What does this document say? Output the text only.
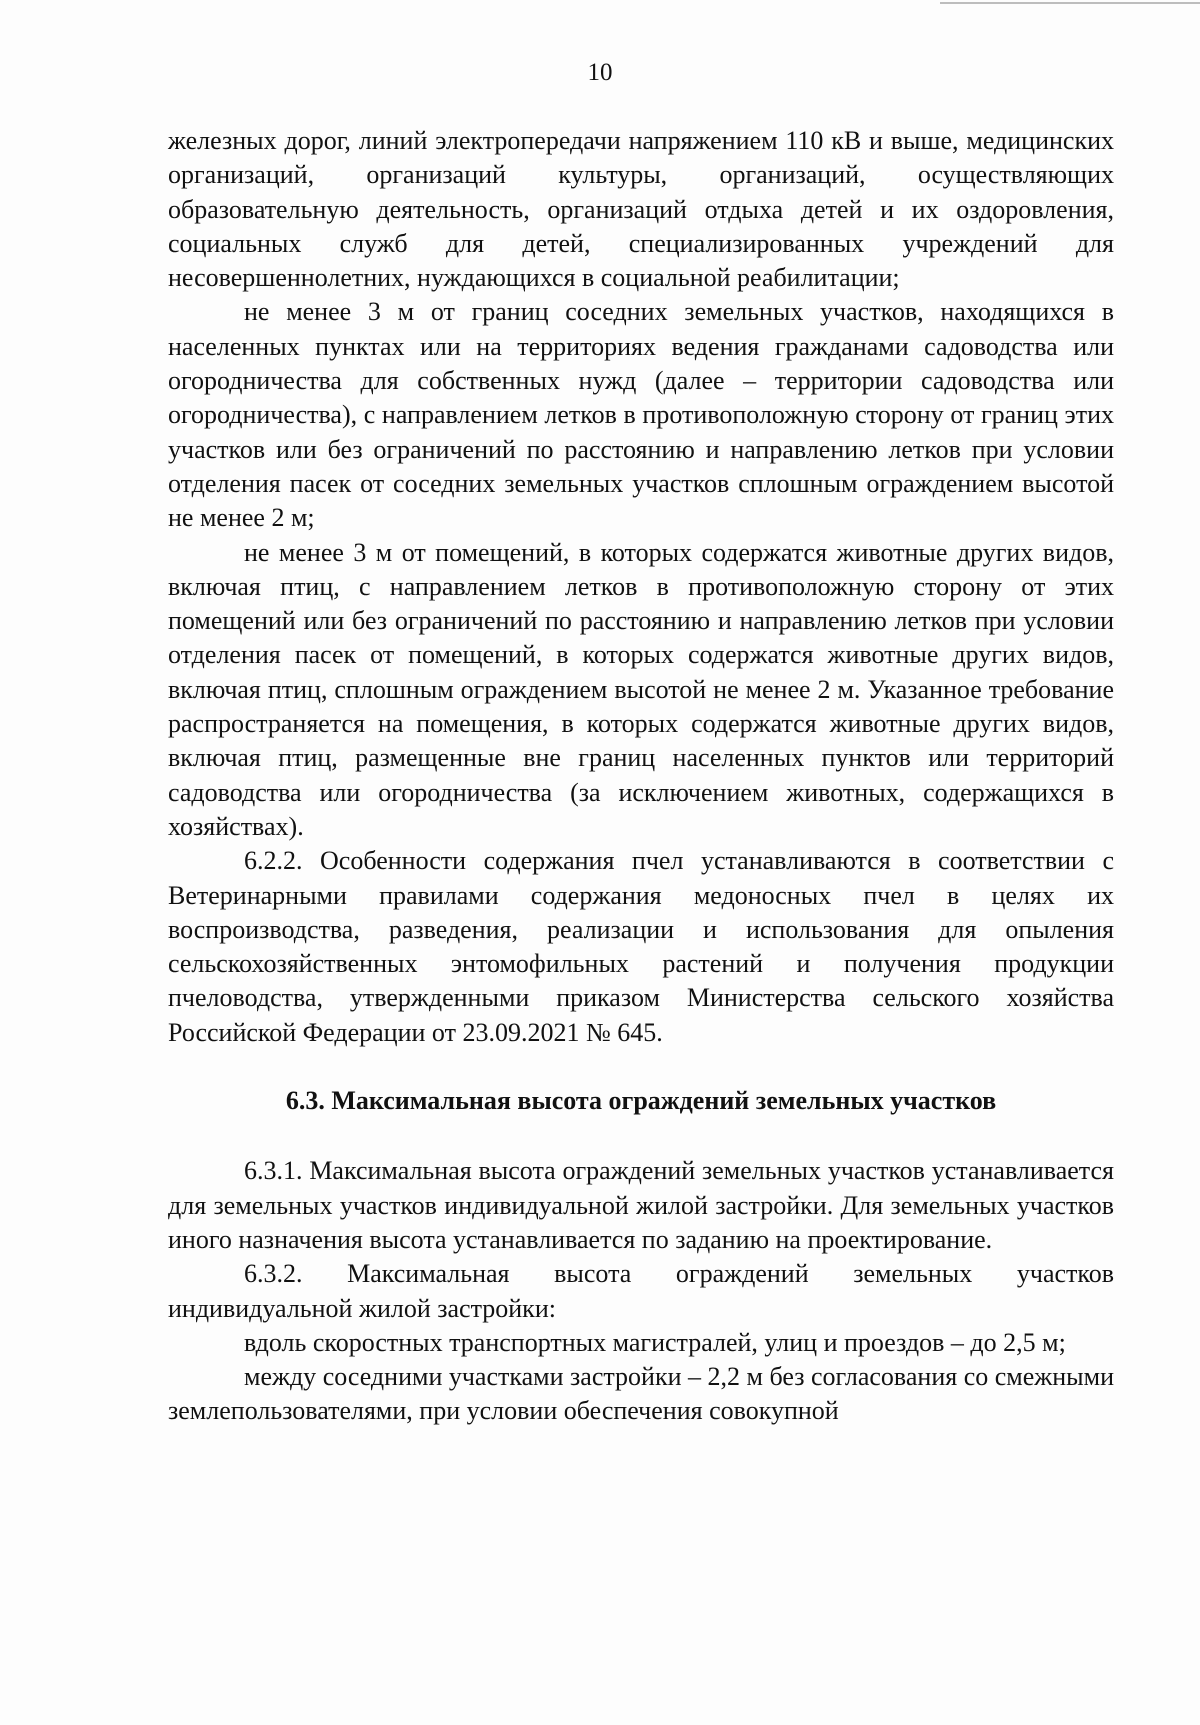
10

железных дорог, линий электропередачи напряжением 110 кВ и выше, медицинских организаций, организаций культуры, организаций, осуществляющих образовательную деятельность, организаций отдыха детей и их оздоровления, социальных служб для детей, специализированных учреждений для несовершеннолетних, нуждающихся в социальной реабилитации;

не менее 3 м от границ соседних земельных участков, находящихся в населенных пунктах или на территориях ведения гражданами садоводства или огородничества для собственных нужд (далее – территории садоводства или огородничества), с направлением летков в противоположную сторону от границ этих участков или без ограничений по расстоянию и направлению летков при условии отделения пасек от соседних земельных участков сплошным ограждением высотой не менее 2 м;

не менее 3 м от помещений, в которых содержатся животные других видов, включая птиц, с направлением летков в противоположную сторону от этих помещений или без ограничений по расстоянию и направлению летков при условии отделения пасек от помещений, в которых содержатся животные других видов, включая птиц, сплошным ограждением высотой не менее 2 м. Указанное требование распространяется на помещения, в которых содержатся животные других видов, включая птиц, размещенные вне границ населенных пунктов или территорий садоводства или огородничества (за исключением животных, содержащихся в хозяйствах).

6.2.2. Особенности содержания пчел устанавливаются в соответствии с Ветеринарными правилами содержания медоносных пчел в целях их воспроизводства, разведения, реализации и использования для опыления сельскохозяйственных энтомофильных растений и получения продукции пчеловодства, утвержденными приказом Министерства сельского хозяйства Российской Федерации от 23.09.2021 № 645.

6.3. Максимальная высота ограждений земельных участков

6.3.1. Максимальная высота ограждений земельных участков устанавливается для земельных участков индивидуальной жилой застройки. Для земельных участков иного назначения высота устанавливается по заданию на проектирование.

6.3.2. Максимальная высота ограждений земельных участков индивидуальной жилой застройки:

вдоль скоростных транспортных магистралей, улиц и проездов – до 2,5 м;

между соседними участками застройки – 2,2 м без согласования со смежными землепользователями, при условии обеспечения совокупной
